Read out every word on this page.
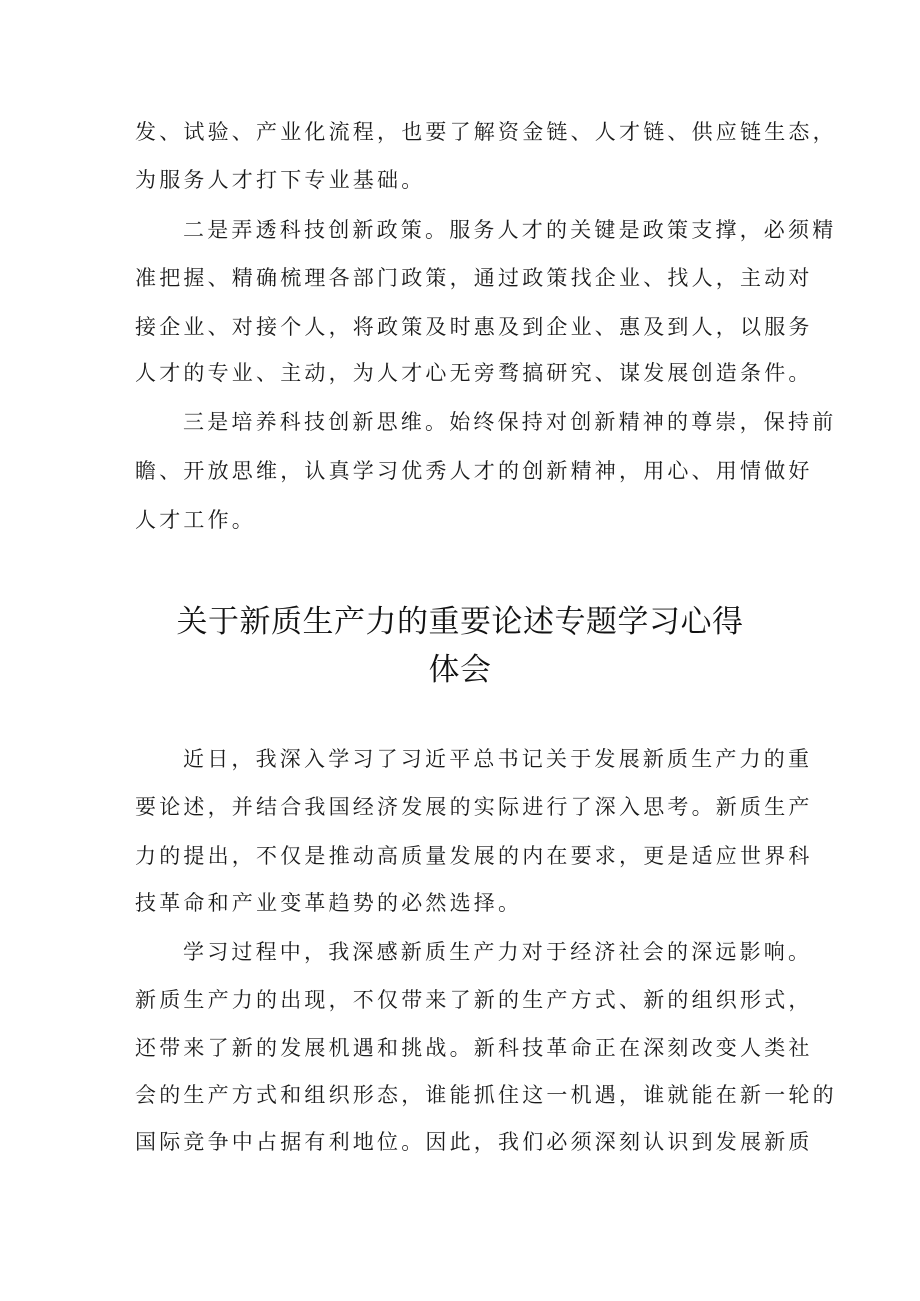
发、试验、产业化流程，也要了解资金链、人才链、供应链生态，
为服务人才打下专业基础。
二是弄透科技创新政策。服务人才的关键是政策支撑，必须精
准把握、精确梳理各部门政策，通过政策找企业、找人，主动对
接企业、对接个人，将政策及时惠及到企业、惠及到人，以服务
人才的专业、主动，为人才心无旁骛搞研究、谋发展创造条件。
三是培养科技创新思维。始终保持对创新精神的尊崇，保持前
瞻、开放思维，认真学习优秀人才的创新精神，用心、用情做好
人才工作。
关于新质生产力的重要论述专题学习心得
体会
近日，我深入学习了习近平总书记关于发展新质生产力的重
要论述，并结合我国经济发展的实际进行了深入思考。新质生产
力的提出，不仅是推动高质量发展的内在要求，更是适应世界科
技革命和产业变革趋势的必然选择。
学习过程中，我深感新质生产力对于经济社会的深远影响。
新质生产力的出现，不仅带来了新的生产方式、新的组织形式，
还带来了新的发展机遇和挑战。新科技革命正在深刻改变人类社
会的生产方式和组织形态，谁能抓住这一机遇，谁就能在新一轮的
国际竞争中占据有利地位。因此，我们必须深刻认识到发展新质
